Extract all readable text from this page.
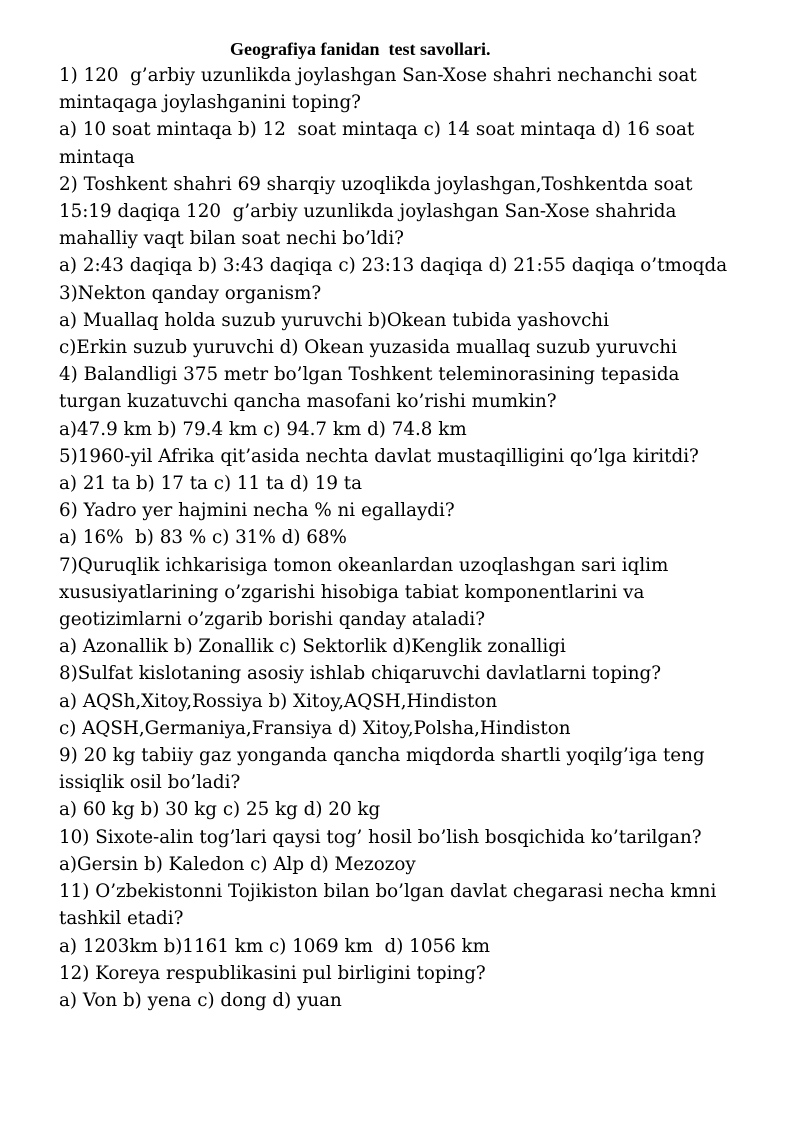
Geografiya fanidan  test savollari.
1) 120  g’arbiy uzunlikda joylashgan San-Xose shahri nechanchi soat
mintaqaga joylashganini toping?
a) 10 soat mintaqa b) 12  soat mintaqa c) 14 soat mintaqa d) 16 soat
mintaqa
2) Toshkent shahri 69 sharqiy uzoqlikda joylashgan,Toshkentda soat
15:19 daqiqa 120  g’arbiy uzunlikda joylashgan San-Xose shahrida
mahalliy vaqt bilan soat nechi bo’ldi?
a) 2:43 daqiqa b) 3:43 daqiqa c) 23:13 daqiqa d) 21:55 daqiqa o’tmoqda
3)Nekton qanday organism?
a) Muallaq holda suzub yuruvchi b)Okean tubida yashovchi
c)Erkin suzub yuruvchi d) Okean yuzasida muallaq suzub yuruvchi
4) Balandligi 375 metr bo’lgan Toshkent teleminorasining tepasida
turgan kuzatuvchi qancha masofani ko’rishi mumkin?
a)47.9 km b) 79.4 km c) 94.7 km d) 74.8 km
5)1960-yil Afrika qit’asida nechta davlat mustaqilligini qo’lga kiritdi?
a) 21 ta b) 17 ta c) 11 ta d) 19 ta
6) Yadro yer hajmini necha % ni egallaydi?
a) 16%  b) 83 % c) 31% d) 68%
7)Quruqlik ichkarisiga tomon okeanlardan uzoqlashgan sari iqlim
xususiyatlarining o’zgarishi hisobiga tabiat komponentlarini va
geotizimlarni o’zgarib borishi qanday ataladi?
a) Azonallik b) Zonallik c) Sektorlik d)Kenglik zonalligi
8)Sulfat kislotaning asosiy ishlab chiqaruvchi davlatlarni toping?
a) AQSh,Xitoy,Rossiya b) Xitoy,AQSH,Hindiston
c) AQSH,Germaniya,Fransiya d) Xitoy,Polsha,Hindiston
9) 20 kg tabiiy gaz yonganda qancha miqdorda shartli yoqilg’iga teng
issiqlik osil bo’ladi?
a) 60 kg b) 30 kg c) 25 kg d) 20 kg
10) Sixote-alin tog’lari qaysi tog’ hosil bo’lish bosqichida ko’tarilgan?
a)Gersin b) Kaledon c) Alp d) Mezozoy
11) O’zbekistonni Tojikiston bilan bo’lgan davlat chegarasi necha kmni
tashkil etadi?
a) 1203km b)1161 km c) 1069 km  d) 1056 km
12) Koreya respublikasini pul birligini toping?
a) Von b) yena c) dong d) yuan
